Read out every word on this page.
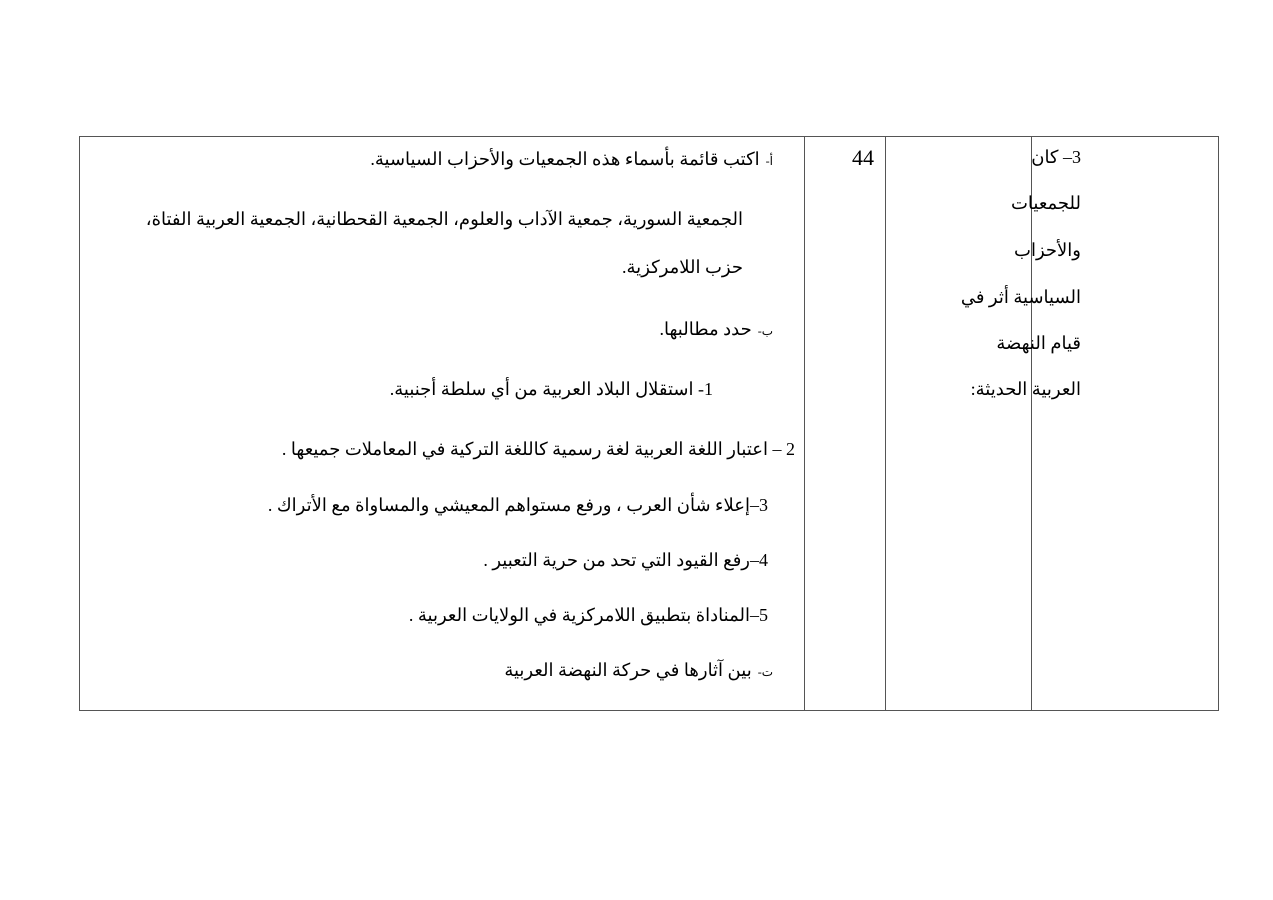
3– كان
للجمعيات
والأحزاب
السياسية أثر في
قيام النهضة
العربية الحديثة:
44
أ-اكتب قائمة بأسماء هذه الجمعيات والأحزاب السياسية.
الجمعية السورية، جمعية الآداب والعلوم، الجمعية القحطانية، الجمعية العربية الفتاة،
حزب اللامركزية.
ب-حدد مطالبها.
1- استقلال البلاد العربية من أي سلطة أجنبية.
2 – اعتبار اللغة العربية لغة رسمية كاللغة التركية في المعاملات جميعها .
3–إعلاء شأن العرب ، ورفع مستواهم المعيشي والمساواة مع الأتراك .
4–رفع القيود التي تحد من حرية التعبير .
5–المناداة بتطبيق اللامركزية في الولايات العربية .
ت-بين آثارها في حركة النهضة العربية
